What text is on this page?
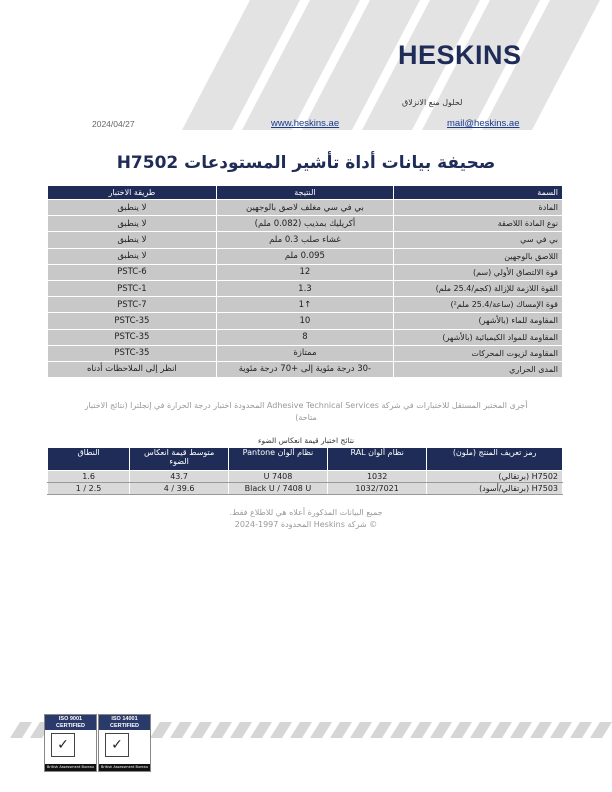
HESKINS
لحلول منع الانزلاق
2024/04/27	www.heskins.ae	mail@heskins.ae
صحيفة بيانات أداة تأشير المستودعات H7502
طريقة الاختبار	النتيجة	السمة
لا ينطبق	بي في سي مغلف لاصق بالوجهين	المادة
لا ينطبق	أكريليك بمذيب (0.082 ملم)	نوع المادة اللاصقة
لا ينطبق	غشاء صلب 0.3 ملم	بي في سي
لا ينطبق	0.095 ملم	اللاصق بالوجهين
PSTC-6	12	قوة الالتصاق الأولي (سم)
PSTC-1	1.3	القوة اللازمة للإزالة (كجم/25.4 ملم)
PSTC-7	↑1	قوة الإمساك (ساعة/25.4 ملم²)
PSTC-35	10	المقاومة للماء (بالأشهر)
PSTC-35	8	المقاومة للمواد الكيميائية (بالأشهر)
PSTC-35	ممتازة	المقاومة لزيوت المحركات
انظر إلى الملاحظات أدناه	-30 درجة مئوية إلى +70 درجة مئوية	المدى الحراري
أجرى المختبر المستقل للاختبارات في شركة Adhesive Technical Services المحدودة اختبار درجة الحرارة في إنجلترا (نتائج الاختبار متاحة)
نتائج اختبار قيمة انعكاس الضوء
النطاق	متوسط قيمة انعكاس الضوء	نظام ألوان Pantone	نظام ألوان RAL	رمز تعريف المنتج (ملون)
1.6	43.7	7408 U	1032	H7502 (برتقالي)
2.5 / 1	39.6 / 4	Black U / 7408 U	1032/7021	H7503 (برتقالي/أسود)
جميع البيانات المذكورة أعلاه هي للاطلاع فقط.
© شركة Heskins المحدودة 1997-2024
ISO 9001
CERTIFIED
✓
British Assessment Bureau
ISO 14001
CERTIFIED
✓
British Assessment Bureau
